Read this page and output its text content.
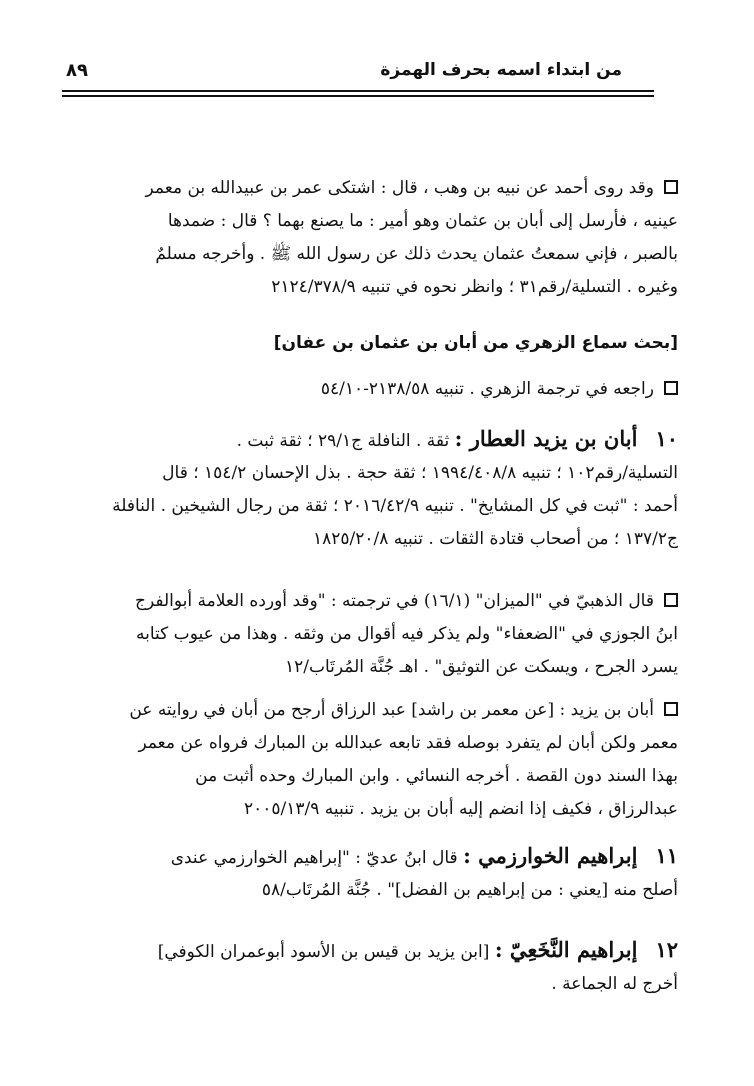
من ابتداء اسمه بحرف الهمزة
٨٩
وقد روى أحمد عن نبيه بن وهب ، قال : اشتكى عمر بن عبيدالله بن معمر
عينيه ، فأرسل إلى أبان بن عثمان وهو أمير : ما يصنع بهما ؟ قال : ضمدها
بالصبر ، فإني سمعتُ عثمان يحدث ذلك عن رسول الله ﷺ . وأخرجه مسلمٌ
وغيره . التسلية/رقم٣١ ؛ وانظر نحوه في تنبيه ٢١٢٤/٣٧٨/٩
[بحث سماع الزهري من أبان بن عثمان بن عفان]
راجعه في ترجمة الزهري . تنبيه ٢١٣٨/٥٨-٥٤/١٠
١٠أبان بن يزيد العطار : ثقة . النافلة ج٢٩/١ ؛ ثقة ثبت .
التسلية/رقم١٠٢ ؛ تنبيه ١٩٩٤/٤٠٨/٨ ؛ ثقة حجة . بذل الإحسان ١٥٤/٢ ؛ قال
أحمد : "ثبت في كل المشايخ" . تنبيه ٢٠١٦/٤٢/٩ ؛ ثقة من رجال الشيخين . النافلة
ج١٣٧/٢ ؛ من أصحاب قتادة الثقات . تنبيه ١٨٢٥/٢٠/٨
قال الذهبيّ في "الميزان" (١٦/١) في ترجمته : "وقد أورده العلامة أبوالفرج
ابنُ الجوزي في "الضعفاء" ولم يذكر فيه أقوال من وثقه . وهذا من عيوب كتابه
يسرد الجرح ، ويسكت عن التوثيق" . اهـ جُنَّة المُرتَاب/١٢
أبان بن يزيد : [عن معمر بن راشد] عبد الرزاق أرجح من أبان في روايته عن
معمر ولكن أبان لم يتفرد بوصله فقد تابعه عبدالله بن المبارك فرواه عن معمر
بهذا السند دون القصة . أخرجه النسائي . وابن المبارك وحده أثبت من
عبدالرزاق ، فكيف إذا انضم إليه أبان بن يزيد . تنبيه ٢٠٠٥/١٣/٩
١١إبراهيم الخوارزمي : قال ابنُ عديّ : "إبراهيم الخوارزمي عندى
أصلح منه [يعني : من إبراهيم بن الفضل]" . جُنَّة المُرتَاب/٥٨
١٢إبراهيم النَّخَعِيّ : [ابن يزيد بن قيس بن الأسود أبوعمران الكوفي]
أخرج له الجماعة .
